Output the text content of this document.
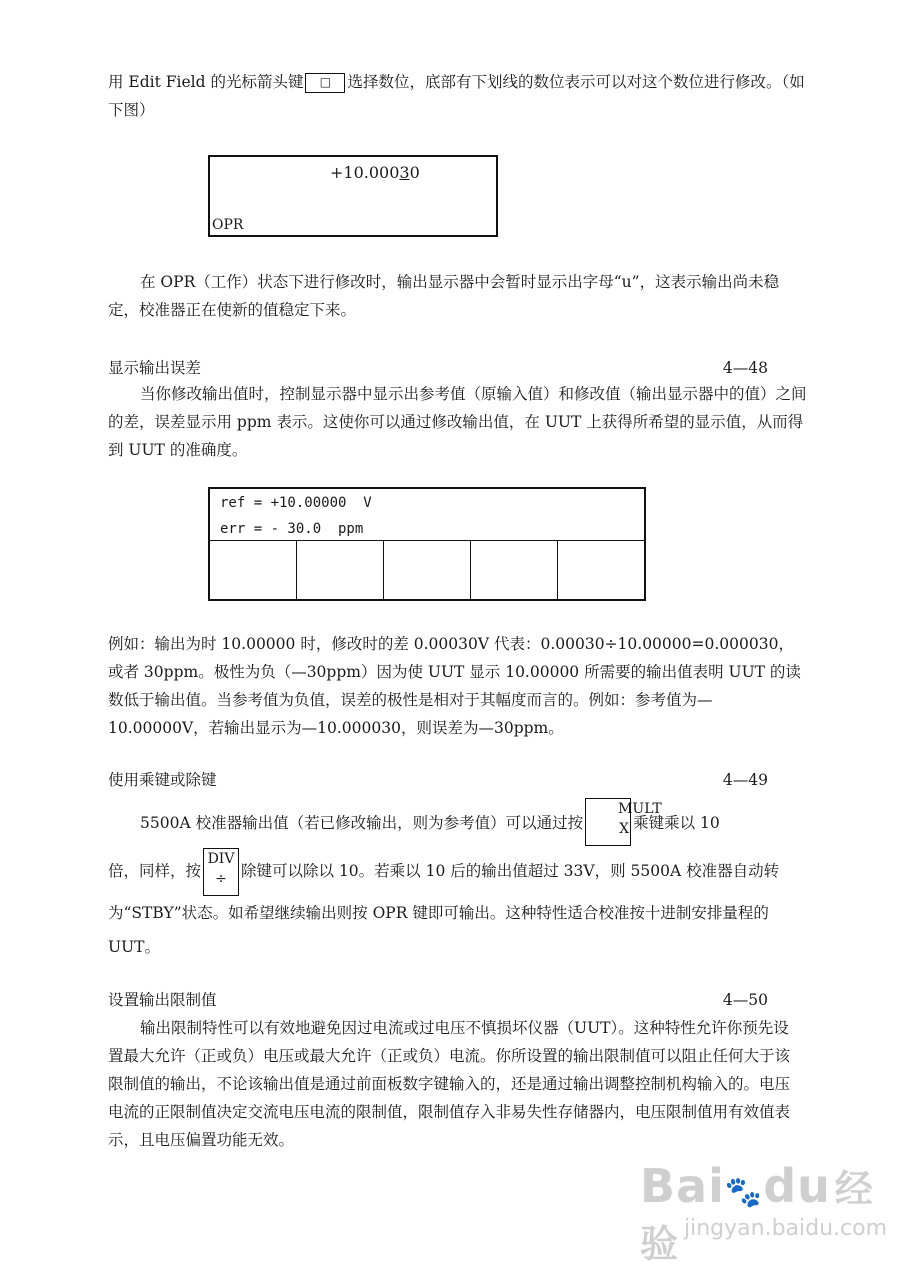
用 Edit Field 的光标箭头键 □ 选择数位，底部有下划线的数位表示可以对这个数位进行修改。（如下图）

+10.00030
OPR

在 OPR（工作）状态下进行修改时，输出显示器中会暂时显示出字母“u”，这表示输出尚未稳定，校准器正在使新的值稳定下来。

显示输出误差	4—48

当你修改输出值时，控制显示器中显示出参考值（原输入值）和修改值（输出显示器中的值）之间的差，误差显示用 ppm 表示。这使你可以通过修改输出值，在 UUT 上获得所希望的显示值，从而得到 UUT 的准确度。

ref = +10.00000  V
err = - 30.0  ppm

例如：输出为时 10.00000 时，修改时的差 0.00030V 代表：0.00030÷10.00000=0.000030，或者 30ppm。极性为负（—30ppm）因为使 UUT 显示 10.00000 所需要的输出值表明 UUT 的读数低于输出值。当参考值为负值，误差的极性是相对于其幅度而言的。例如：参考值为—10.00000V，若输出显示为—10.000030，则误差为—30ppm。

使用乘键或除键	4—49

5500A 校准器输出值（若已修改输出，则为参考值）可以通过按
MULT
X 乘键乘以 10

倍，同样，按
DIV
÷ 除键可以除以 10。若乘以 10 后的输出值超过 33V，则 5500A 校准器自动转为“STBY”状态。如希望继续输出则按 OPR 键即可输出。这种特性适合校准按十进制安排量程的 UUT。

设置输出限制值	4—50

输出限制特性可以有效地避免因过电流或过电压不慎损坏仪器（UUT）。这种特性允许你预先设置最大允许（正或负）电压或最大允许（正或负）电流。你所设置的输出限制值可以阻止任何大于该限制值的输出，不论该输出值是通过前面板数字键输入的，还是通过输出调整控制机构输入的。电压电流的正限制值决定交流电压电流的限制值，限制值存入非易失性存储器内，电压限制值用有效值表示，且电压偏置功能无效。

Bai🐾du 经验 jingyan.baidu.com
